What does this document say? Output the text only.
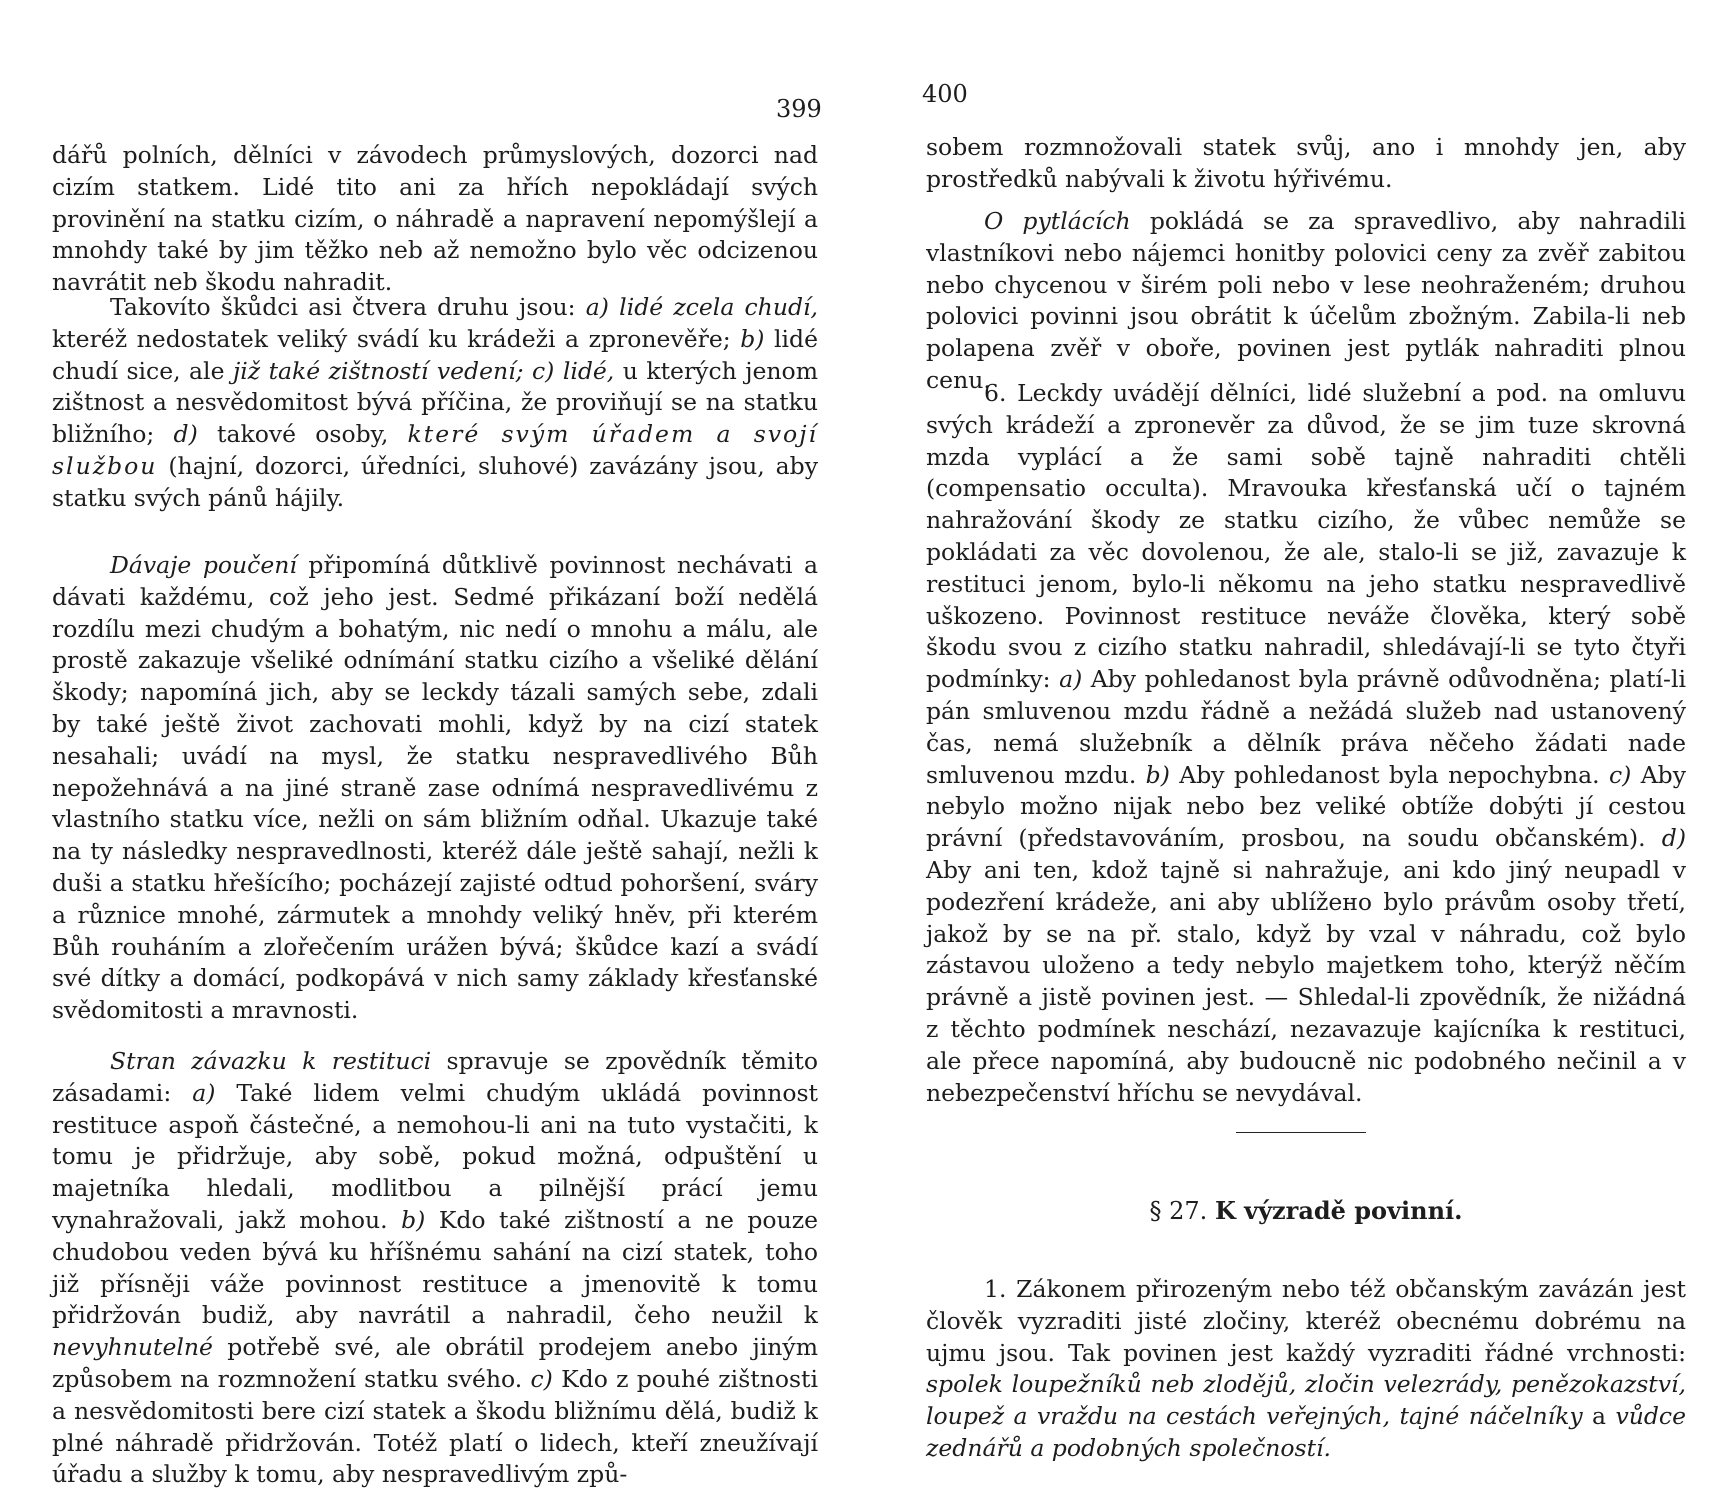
399

dářů polních, dělníci v závodech průmyslových, dozorci nad cizím statkem. Lidé tito ani za hřích nepokládají svých provinění na statku cizím, o náhradě a napravení nepomýšlejí a mnohdy také by jim těžko neb až nemožno bylo věc odcizenou navrátit neb škodu nahradit.

Takovíto škůdci asi čtvera druhu jsou: a) lidé zcela chudí, kteréž nedostatek veliký svádí ku krádeži a zpronevěře; b) lidé chudí sice, ale již také zištností vedení; c) lidé, u kterých jenom zištnost a nesvědomitost bývá příčina, že proviňují se na statku bližního; d) takové osoby, které svým úřadem a svojí službou (hajní, dozorci, úředníci, sluhové) zavázány jsou, aby statku svých pánů hájily.

Dávaje poučení připomíná důtklivě povinnost nechávati a dávati každému, což jeho jest. Sedmé přikázaní boží nedělá rozdílu mezi chudým a bohatým, nic nedí o mnohu a málu, ale prostě zakazuje všeliké odnímání statku cizího a všeliké dělání škody; napomíná jich, aby se leckdy tázali samých sebe, zdali by také ještě život zachovati mohli, když by na cizí statek nesahali; uvádí na mysl, že statku nespravedlivého Bůh nepožehnává a na jiné straně zase odnímá nespravedlivému z vlastního statku více, nežli on sám bližním odňal. Ukazuje také na ty následky nespravedlnosti, kteréž dále ještě sahají, nežli k duši a statku hřešícího; pocházejí zajisté odtud pohoršení, sváry a různice mnohé, zármutek a mnohdy veliký hněv, při kterém Bůh rouháním a zlořečením urážen bývá; škůdce kazí a svádí své dítky a domácí, podkopává v nich samy základy křesťanské svědomitosti a mravnosti.

Stran závazku k restituci spravuje se zpovědník těmito zásadami: a) Také lidem velmi chudým ukládá povinnost restituce aspoň částečné, a nemohou-li ani na tuto vystačiti, k tomu je přidržuje, aby sobě, pokud možná, odpuštění u majetníka hledali, modlitbou a pilnější prácí jemu vynahražovali, jakž mohou. b) Kdo také zištností a ne pouze chudobou veden bývá ku hříšnému sahání na cizí statek, toho již přísněji váže povinnost restituce a jmenovitě k tomu přidržován budiž, aby navrátil a nahradil, čeho neužil k nevyhnutelné potřebě své, ale obrátil prodejem anebo jiným způsobem na rozmnožení statku svého. c) Kdo z pouhé zištnosti a nesvědomitosti bere cizí statek a škodu bližnímu dělá, budiž k plné náhradě přidržován. Totéž platí o lidech, kteří zneužívají úřadu a služby k tomu, aby nespravedlivým způ-

400

sobem rozmnožovali statek svůj, ano i mnohdy jen, aby prostředků nabývali k životu hýřivému.

O pytlácích pokládá se za spravedlivo, aby nahradili vlastníkovi nebo nájemci honitby polovici ceny za zvěř zabitou nebo chycenou v širém poli nebo v lese neohraženém; druhou polovici povinni jsou obrátit k účelům zbožným. Zabila-li neb polapena zvěř v oboře, povinen jest pytlák nahraditi plnou cenu.

6. Leckdy uvádějí dělníci, lidé služební a pod. na omluvu svých krádeží a zpronevěr za důvod, že se jim tuze skrovná mzda vyplácí a že sami sobě tajně nahraditi chtěli (compensatio occulta). Mravouka křesťanská učí o tajném nahražování škody ze statku cizího, že vůbec nemůže se pokládati za věc dovolenou, že ale, stalo-li se již, zavazuje k restituci jenom, bylo-li někomu na jeho statku nespravedlivě uškozeno. Povinnost restituce neváže člověka, který sobě škodu svou z cizího statku nahradil, shledávají-li se tyto čtyři podmínky: a) Aby pohledanost byla právně odůvodněna; platí-li pán smluvenou mzdu řádně a nežádá služeb nad ustanovený čas, nemá služebník a dělník práva něčeho žádati nade smluvenou mzdu. b) Aby pohledanost byla nepochybna. c) Aby nebylo možno nijak nebo bez veliké obtíže dobýti jí cestou právní (představováním, prosbou, na soudu občanském). d) Aby ani ten, kdož tajně si nahražuje, ani kdo jiný neupadl v podezření krádeže, ani aby ublížено bylo právům osoby třetí, jakož by se na př. stalo, když by vzal v náhradu, což bylo zástavou uloženo a tedy nebylo majetkem toho, kterýž něčím právně a jistě povinen jest. — Shledal-li zpovědník, že nižádná z těchto podmínek neschází, nezavazuje kajícníka k restituci, ale přece napomíná, aby budoucně nic podobného nečinil a v nebezpečenství hříchu se nevydával.

1. Zákonem přirozeným nebo též občanským zavázán jest člověk vyzraditi jisté zločiny, kteréž obecnému dobrému na ujmu jsou. Tak povinen jest každý vyzraditi řádné vrchnosti: spolek loupežníků neb zlodějů, zločin velezrády, penězokazství, loupež a vraždu na cestách veřejných, tajné náčelníky a vůdce zednářů a podobných společností.

§ 27. K výzradě povinní.
